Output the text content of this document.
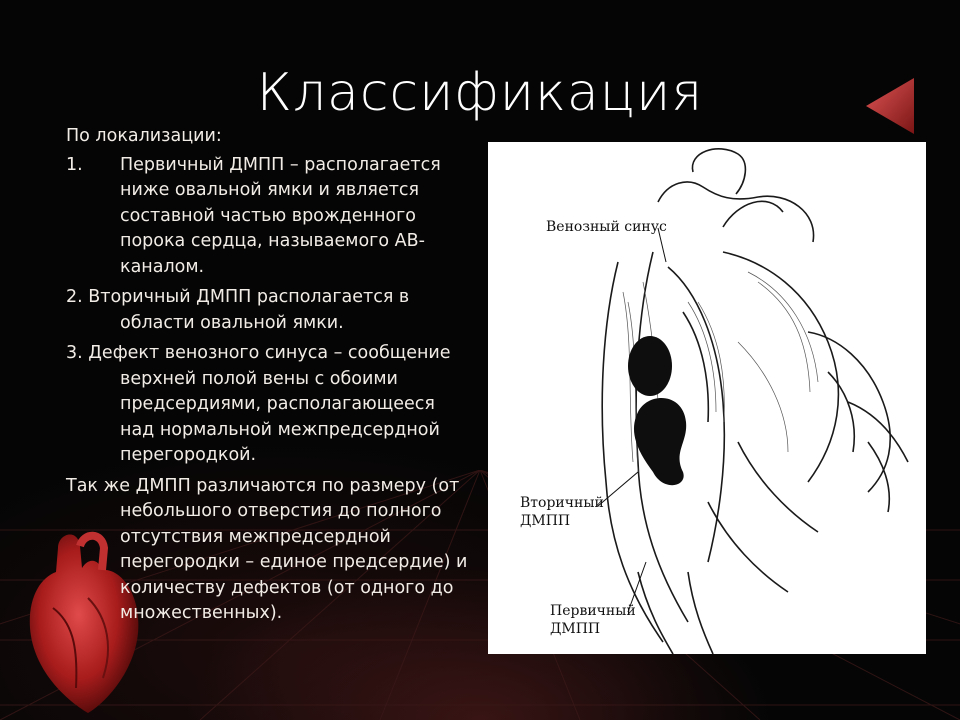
Классификация
По локализации:
1.	Первичный ДМПП – располагается ниже овальной ямки и является составной частью врожденного порока сердца, называемого АВ-каналом.
2. Вторичный ДМПП располагается в области овальной ямки.
3. Дефект венозного синуса – сообщение верхней полой вены с обоими предсердиями, располагающееся над нормальной межпредсердной перегородкой.
Так же ДМПП различаются по размеру (от небольшого отверстия до полного отсутствия межпредсердной перегородки – единое предсердие) и количеству дефектов (от одного до множественных).
Венозный синус
Вторичный ДМПП
Первичный ДМПП
